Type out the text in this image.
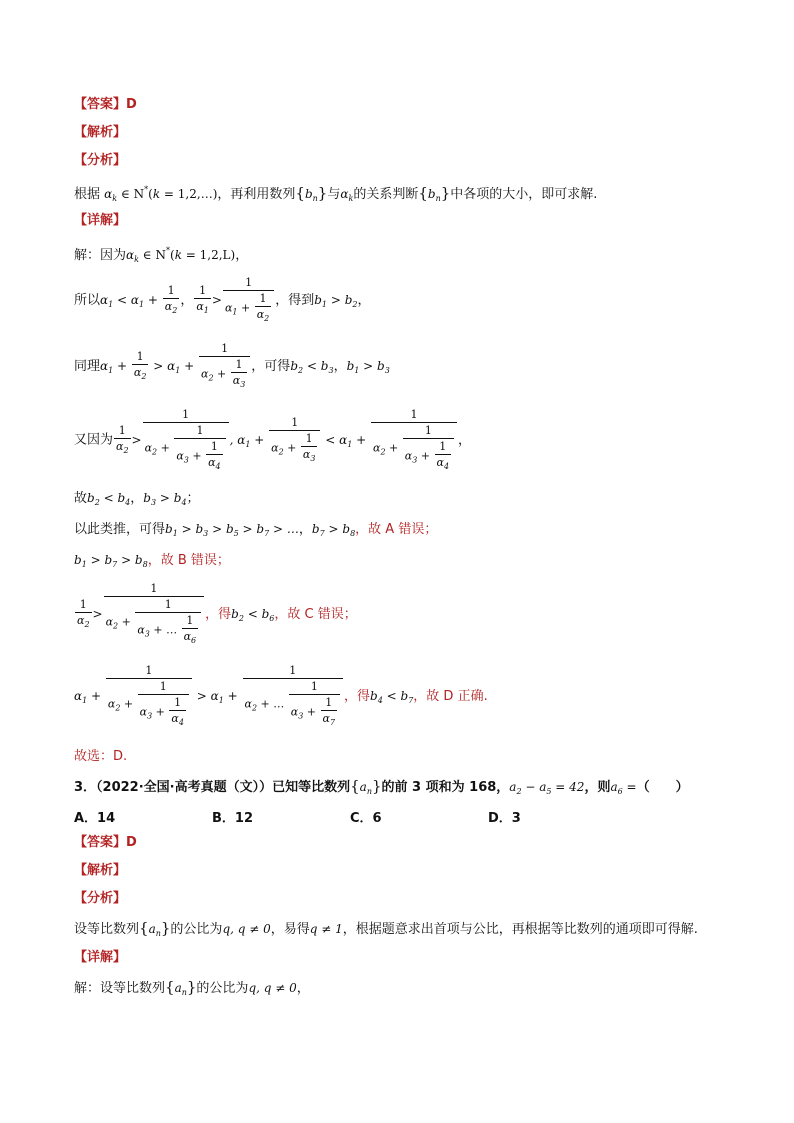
【答案】D
【解析】
【分析】
根据 $\alpha_k$ ∈ N*(k = 1,2,…)，再利用数列$\{b_n\}$与$\alpha_k$的关系判断$\{b_n\}$中各项的大小，即可求解.
【详解】
解：因为$\alpha_k$ ∈ N*(k = 1,2,L)，
所以$\alpha_1 < \alpha_1 + \frac{1}{\alpha_2}$ ， $\frac{1}{\alpha_1} > \frac{1}{\alpha_1 + \frac{1}{\alpha_2}}$ ，得到$b_1 > b_2$，
同理$\alpha_1 + \frac{1}{\alpha_2} > \alpha_1 + \frac{1}{\alpha_2 + \frac{1}{\alpha_3}}$ ，可得$b_2 < b_3$，$b_1 > b_3$
又因为 $\frac{1}{\alpha_2} > \frac{1}{\alpha_2 + \frac{1}{\alpha_3 + \frac{1}{\alpha_4}}}$ , $\alpha_1 + \frac{1}{\alpha_2 + \frac{1}{\alpha_3}} < \alpha_1 + \frac{1}{\alpha_2 + \frac{1}{\alpha_3 + \frac{1}{\alpha_4}}}$ ，
故$b_2 < b_4$，$b_3 > b_4$；
以此类推，可得$b_1 > b_3 > b_5 > b_7$ > …，$b_7 > b_8$，故 A 错误；
$b_1 > b_7 > b_8$，故 B 错误；
$\frac{1}{\alpha_2} > \frac{1}{\alpha_2 + \frac{1}{\alpha_3 + \dots \frac{1}{\alpha_6}}}$ ，得$b_2 < b_6$，故 C 错误；
$\alpha_1 + \frac{1}{\alpha_2 + \frac{1}{\alpha_3 + \frac{1}{\alpha_4}}} > \alpha_1 + \frac{1}{\alpha_2 + \dots \frac{1}{\alpha_3 + \frac{1}{\alpha_7}}}$ ，得$b_4 < b_7$，故 D 正确.
故选：D.
3．（2022·全国·高考真题（文））已知等比数列$\{a_n\}$的前 3 项和为 168，$a_2 - a_5 = 42$，则$a_6$ =（　　）
A．14	B．12	C．6	D．3
【答案】D
【解析】
【分析】
设等比数列$\{a_n\}$的公比为q, q ≠ 0，易得q ≠ 1，根据题意求出首项与公比，再根据等比数列的通项即可得解.
【详解】
解：设等比数列$\{a_n\}$的公比为q, q ≠ 0，
